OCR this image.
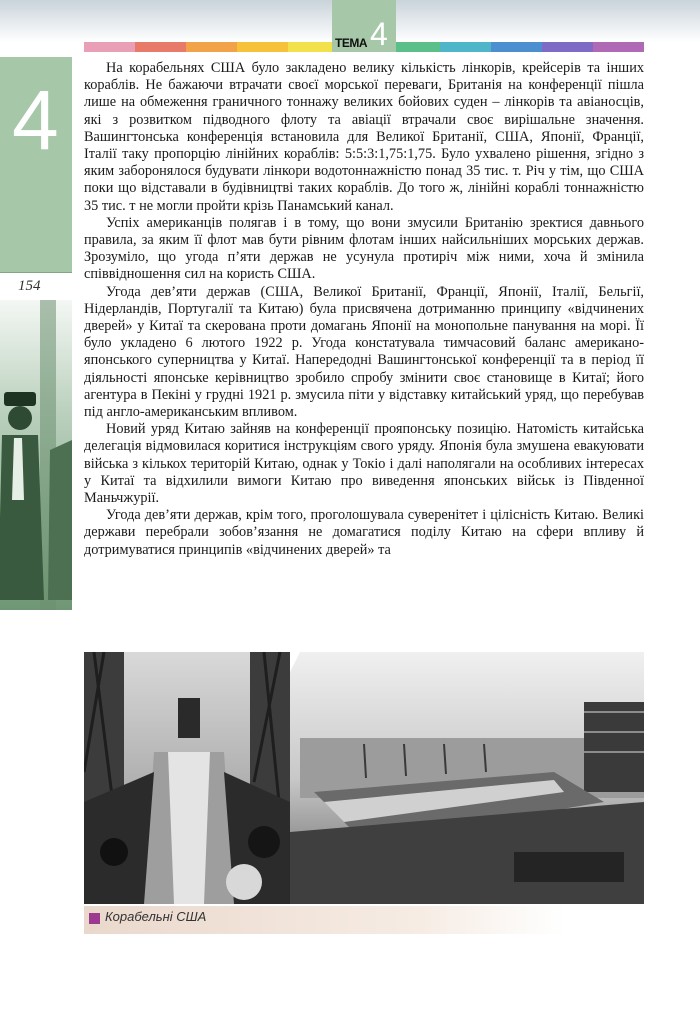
ТЕМА 4
4
154

На корабельнях США було закладено велику кількість лінкорів, крейсерів та інших кораблів. Не бажаючи втрачати своєї морської переваги, Британія на конференції пішла лише на обмеження граничного тоннажу великих бойових суден – лінкорів та авіаносців, які з розвитком підводного флоту та авіації втрачали своє вирішальне значення. Вашингтонська конференція встановила для Великої Британії, США, Японії, Франції, Італії таку пропорцію лінійних кораблів: 5:5:3:1,75:1,75. Було ухвалено рішення, згідно з яким заборонялося будувати лінкори водотоннажністю понад 35 тис. т. Річ у тім, що США поки що відставали в будівництві таких кораблів. До того ж, лінійні кораблі тоннажністю 35 тис. т не могли пройти крізь Панамський канал.

Успіх американців полягав і в тому, що вони змусили Британію зректися давнього правила, за яким її флот мав бути рівним флотам інших найсильніших морських держав. Зрозуміло, що угода п’яти держав не усунула протиріч між ними, хоча й змінила співвідношення сил на користь США.

Угода дев’яти держав (США, Великої Британії, Франції, Японії, Італії, Бельгії, Нідерландів, Португалії та Китаю) була присвячена дотриманню принципу «відчинених дверей» у Китаї та скерована проти домагань Японії на монопольне панування на морі. Її було укладено 6 лютого 1922 р. Угода констатувала тимчасовий баланс американо-японського суперництва у Китаї. Напередодні Вашингтонської конференції та в період її діяльності японське керівництво зробило спробу змінити своє становище в Китаї; його агентура в Пекіні у грудні 1921 р. змусила піти у відставку китайський уряд, що перебував під англо-американським впливом.

Новий уряд Китаю зайняв на конференції прояпонську позицію. Натомість китайська делегація відмовилася коритися інструкціям свого уряду. Японія була змушена евакуювати війська з кількох територій Китаю, однак у Токіо і далі наполягали на особливих інтересах у Китаї та відхилили вимоги Китаю про виведення японських військ із Південної Маньчжурії.

Угода дев’яти держав, крім того, проголошувала суверенітет і цілісність Китаю. Великі держави перебрали зобов’язання не домагатися поділу Китаю на сфери впливу й дотримуватися принципів «відчинених дверей» та

Корабельні США
